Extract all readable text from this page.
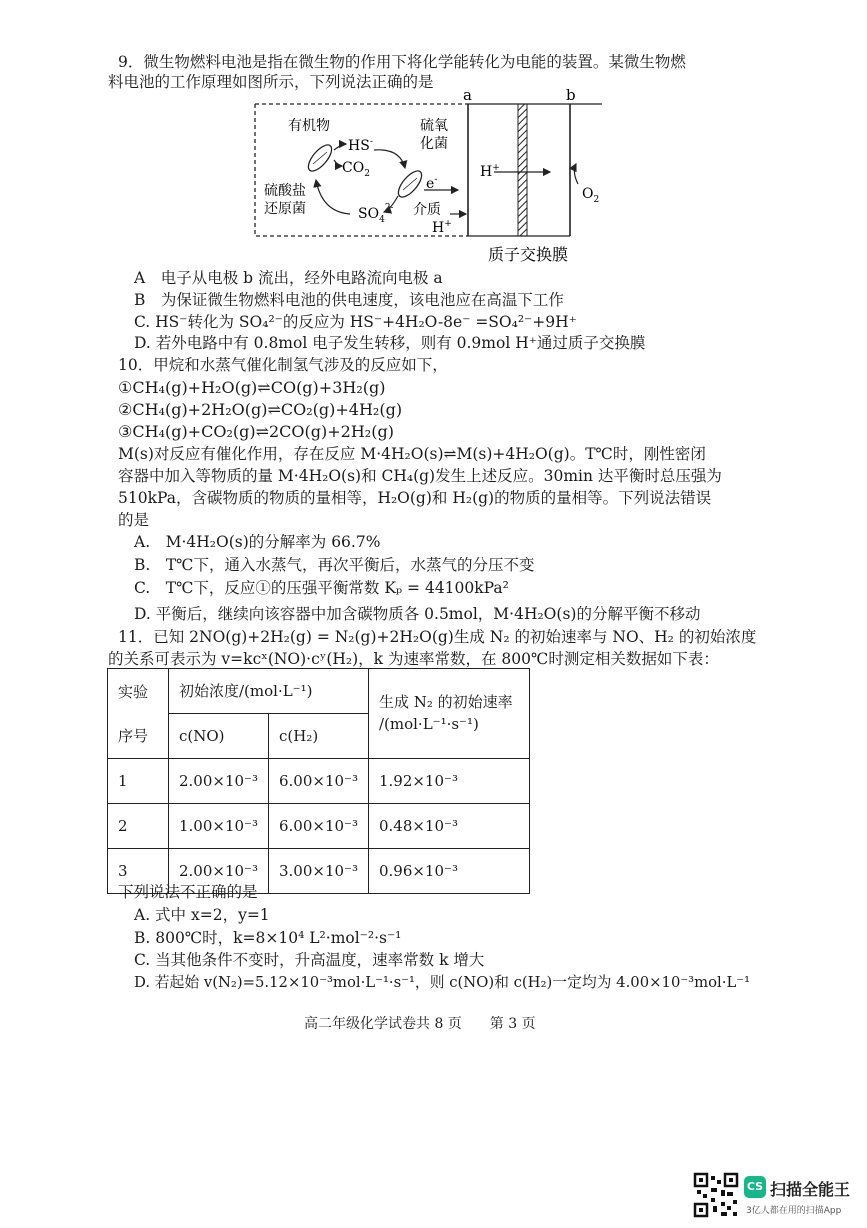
9．微生物燃料电池是指在微生物的作用下将化学能转化为电能的装置。某微生物燃
料电池的工作原理如图所示，下列说法正确的是
a	b
有机物
HS-
$CO_2$
硫氧
化菌
硫酸盐
还原菌	$SO_4^{2-}$
e-
介质
H+
H+
$O_2$
质子交换膜
A　电子从电极 b 流出，经外电路流向电极 a
B　为保证微生物燃料电池的供电速度，该电池应在高温下工作
C. HS⁻转化为 SO₄²⁻的反应为 HS⁻+4H₂O-8e⁻ =SO₄²⁻+9H⁺
D. 若外电路中有 0.8mol 电子发生转移，则有 0.9mol H⁺通过质子交换膜
10．甲烷和水蒸气催化制氢气涉及的反应如下，
①CH₄(g)+H₂O(g)⇌CO(g)+3H₂(g)
②CH₄(g)+2H₂O(g)⇌CO₂(g)+4H₂(g)
③CH₄(g)+CO₂(g)⇌2CO(g)+2H₂(g)
M(s)对反应有催化作用，存在反应 M·4H₂O(s)⇌M(s)+4H₂O(g)。T℃时，刚性密闭
容器中加入等物质的量 M·4H₂O(s)和 CH₄(g)发生上述反应。30min 达平衡时总压强为
510kPa，含碳物质的物质的量相等，H₂O(g)和 H₂(g)的物质的量相等。下列说法错误
的是
A.　M·4H₂O(s)的分解率为 66.7%
B.　T℃下，通入水蒸气，再次平衡后，水蒸气的分压不变
C.　T℃下，反应①的压强平衡常数 Kₚ = 44100kPa²
D. 平衡后，继续向该容器中加含碳物质各 0.5mol，M·4H₂O(s)的分解平衡不移动
11．已知 2NO(g)+2H₂(g) = N₂(g)+2H₂O(g)生成 N₂ 的初始速率与 NO、H₂ 的初始浓度
的关系可表示为 v=kcˣ(NO)·cʸ(H₂)，k 为速率常数，在 800℃时测定相关数据如下表：
实验	初始浓度/(mol·L⁻¹)		生成 N₂ 的初始速率
/(mol·L⁻¹·s⁻¹)

序号	c(NO)	c(H₂)	
1	2.00×10⁻³	6.00×10⁻³	1.92×10⁻³
2	1.00×10⁻³	6.00×10⁻³	0.48×10⁻³
3	2.00×10⁻³	3.00×10⁻³	0.96×10⁻³
下列说法不正确的是
A. 式中 x=2，y=1
B. 800℃时，k=8×10⁴ L²·mol⁻²·s⁻¹
C. 当其他条件不变时，升高温度，速率常数 k 增大
D. 若起始 v(N₂)=5.12×10⁻³mol·L⁻¹·s⁻¹，则 c(NO)和 c(H₂)一定均为 4.00×10⁻³mol·L⁻¹
高二年级化学试卷共 8 页　　第 3 页
CS 扫描全能王
3亿人都在用的扫描App
